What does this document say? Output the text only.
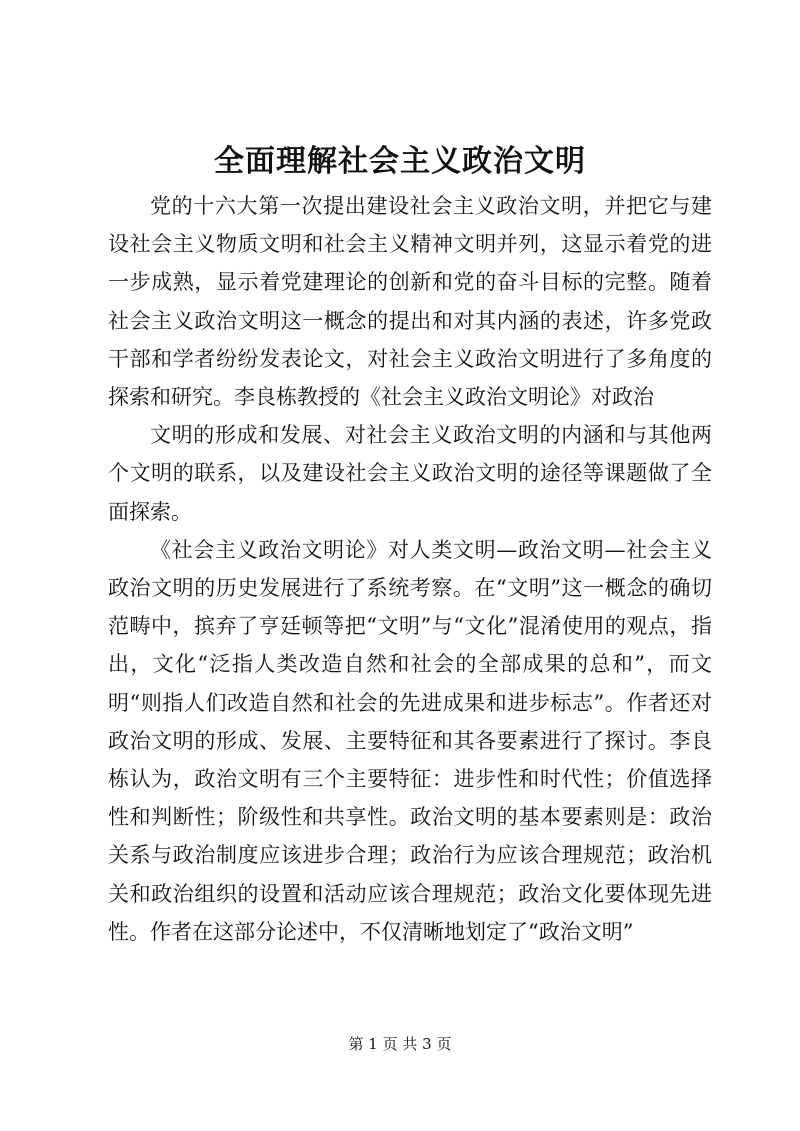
全面理解社会主义政治文明

党的十六大第一次提出建设社会主义政治文明，并把它与建设社会主义物质文明和社会主义精神文明并列，这显示着党的进一步成熟，显示着党建理论的创新和党的奋斗目标的完整。随着社会主义政治文明这一概念的提出和对其内涵的表述，许多党政干部和学者纷纷发表论文，对社会主义政治文明进行了多角度的探索和研究。李良栋教授的《社会主义政治文明论》对政治

文明的形成和发展、对社会主义政治文明的内涵和与其他两个文明的联系，以及建设社会主义政治文明的途径等课题做了全面探索。

《社会主义政治文明论》对人类文明—政治文明—社会主义政治文明的历史发展进行了系统考察。在“文明”这一概念的确切范畴中，摈弃了亨廷顿等把“文明”与“文化”混淆使用的观点，指出，文化“泛指人类改造自然和社会的全部成果的总和”，而文明“则指人们改造自然和社会的先进成果和进步标志”。作者还对政治文明的形成、发展、主要特征和其各要素进行了探讨。李良栋认为，政治文明有三个主要特征：进步性和时代性；价值选择性和判断性；阶级性和共享性。政治文明的基本要素则是：政治关系与政治制度应该进步合理；政治行为应该合理规范；政治机关和政治组织的设置和活动应该合理规范；政治文化要体现先进性。作者在这部分论述中，不仅清晰地划定了“政治文明”

第 1 页 共 3 页
